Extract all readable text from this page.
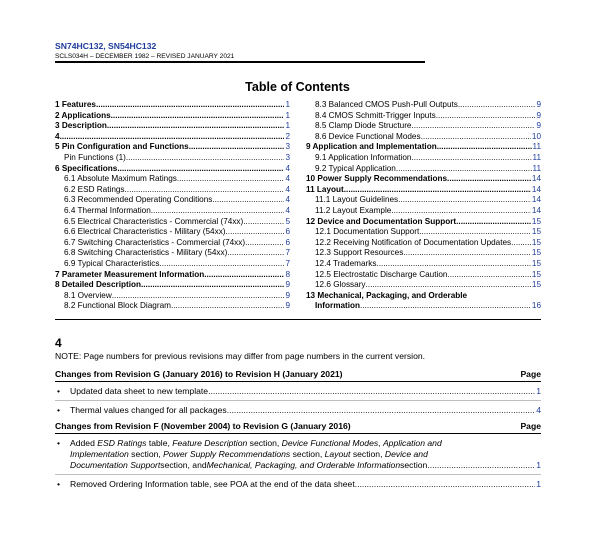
SN74HC132, SN54HC132
SCLS034H – DECEMBER 1982 – REVISED JANUARY 2021
Table of Contents
1 Features .....	1
2 Applications .....	1
3 Description .....	1
4 .....	2
5 Pin Configuration and Functions .....	3
Pin Functions (1) .....	3
6 Specifications .....	4
6.1 Absolute Maximum Ratings .....	4
6.2 ESD Ratings .....	4
6.3 Recommended Operating Conditions .....	4
6.4 Thermal Information .....	4
6.5 Electrical Characteristics - Commercial (74xx) .....	5
6.6 Electrical Characteristics - Military (54xx) .....	6
6.7 Switching Characteristics - Commercial (74xx) .....	6
6.8 Switching Characteristics - Military (54xx) .....	7
6.9 Typical Characteristics .....	7
7 Parameter Measurement Information .....	8
8 Detailed Description .....	9
8.1 Overview .....	9
8.2 Functional Block Diagram .....	9
8.3 Balanced CMOS Push-Pull Outputs .....	9
8.4 CMOS Schmitt-Trigger Inputs .....	9
8.5 Clamp Diode Structure .....	9
8.6 Device Functional Modes .....	10
9 Application and Implementation .....	11
9.1 Application Information .....	11
9.2 Typical Application .....	11
10 Power Supply Recommendations .....	14
11 Layout .....	14
11.1 Layout Guidelines .....	14
11.2 Layout Example .....	14
12 Device and Documentation Support .....	15
12.1 Documentation Support .....	15
12.2 Receiving Notification of Documentation Updates .....	15
12.3 Support Resources .....	15
12.4 Trademarks .....	15
12.5 Electrostatic Discharge Caution .....	15
12.6 Glossary .....	15
13 Mechanical, Packaging, and Orderable
Information .....	16
4
NOTE: Page numbers for previous revisions may differ from page numbers in the current version.
Changes from Revision G (January 2016) to Revision H (January 2021)	Page
•	Updated data sheet to new template .....	1
•	Thermal values changed for all packages .....	4
Changes from Revision F (November 2004) to Revision G (January 2016)	Page
•	Added ESD Ratings table, Feature Description section, Device Functional Modes, Application and
Implementation section, Power Supply Recommendations section, Layout section, Device and
Documentation Support section, and Mechanical, Packaging, and Orderable Information section .....	1
•	Removed Ordering Information table, see POA at the end of the data sheet .....	1
